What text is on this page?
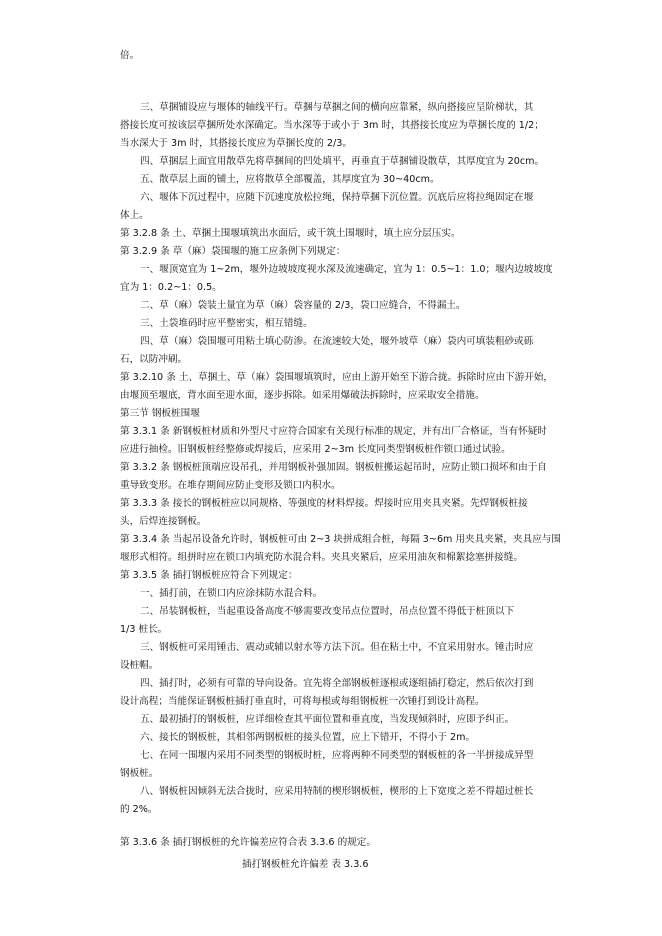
倍。
三、草捆铺设应与堰体的轴线平行。草捆与草捆之间的横向应靠紧，纵向搭接应呈阶梯状，其
搭接长度可按该层草捆所处水深确定。当水深等于或小于 3m 时，其搭接长度应为草捆长度的 1/2；
当水深大于 3m 时，其搭接长度应为草捆长度的 2/3。
四、草捆层上面宜用散草先将草捆间的凹处填平，再垂直于草捆铺设散草，其厚度宜为 20cm。
五、散草层上面的铺土，应将散草全部覆盖，其厚度宜为 30~40cm。
六、堰体下沉过程中，应随下沉速度放松拉绳，保持草捆下沉位置。沉底后应将拉绳固定在堰
体上。
第 3.2.8 条 土、草捆土围堰填筑出水面后，或干筑土围堰时，填土应分层压实。
第 3.2.9 条 草（麻）袋围堰的施工应条例下列规定：
一、堰顶宽宜为 1~2m，堰外边坡坡度视水深及流速确定，宜为 1：0.5~1：1.0；堰内边坡坡度
宜为 1：0.2~1：0.5。
二、草（麻）袋装土量宜为草（麻）袋容量的 2/3，袋口应缝合，不得漏土。
三、土袋堆码时应平整密实，相互错缝。
四、草（麻）袋围堰可用粘土填心防渗。在流速较大处，堰外坡草（麻）袋内可填装粗砂或砾
石，以防冲刷。
第 3.2.10 条 土、草捆土、草（麻）袋围堰填筑时，应由上游开始至下游合拢。拆除时应由下游开始，
由堰顶至堰底，背水面至迎水面，逐步拆除。如采用爆破法拆除时，应采取安全措施。
第三节 钢板桩围堰
第 3.3.1 条 新钢板桩材质和外型尺寸应符合国家有关现行标准的规定，并有出厂合格证，当有怀疑时
应进行抽检。旧钢板桩经整修或焊接后，应采用 2~3m 长度同类型钢板桩作锁口通过试验。
第 3.3.2 条 钢板桩顶端应设吊孔，并用钢板补强加固。钢板桩搬运起吊时，应防止锁口损坏和由于自
重导致变形。在堆存期间应防止变形及锁口内积水。
第 3.3.3 条 接长的钢板桩应以同规格、等强度的材料焊接。焊接时应用夹具夹紧。先焊钢板桩接
头，后焊连接钢板。
第 3.3.4 条 当起吊设备允许时，钢板桩可由 2~3 块拼成组合桩，每隔 3~6m 用夹具夹紧，夹具应与围
堰形式相符。组拼时应在锁口内填充防水混合料。夹具夹紧后，应采用油灰和棉絮捻塞拼接缝。
第 3.3.5 条 插打钢板桩应符合下列规定：
一、插打前，在锁口内应涂抹防水混合料。
二、吊装钢板桩，当起重设备高度不够需要改变吊点位置时，吊点位置不得低于桩顶以下
1/3 桩长。
三、钢板桩可采用锤击、震动或辅以射水等方法下沉。但在粘土中，不宜采用射水。锤击时应
设桩帽。
四、插打时，必须有可靠的导向设备。宜先将全部钢板桩逐根或逐组插打稳定，然后依次打到
设计高程；当能保证钢板桩插打垂直时，可将每根或每组钢板桩一次锤打到设计高程。
五、最初插打的钢板桩，应详细检查其平面位置和垂直度，当发现倾斜时，应即予纠正。
六、接长的钢板桩，其相邻两钢板桩的接头位置，应上下错开，不得小于 2m。
七、在同一围堰内采用不同类型的钢板时桩，应将两种不同类型的钢板桩的各一半拼接成异型
钢板桩。
八、钢板桩因倾斜无法合拢时，应采用特制的楔形钢板桩，楔形的上下宽度之差不得超过桩长
的 2%。
第 3.3.6 条 插打钢板桩的允许偏差应符合表 3.3.6 的规定。
插打钢板桩允许偏差 表 3.3.6
